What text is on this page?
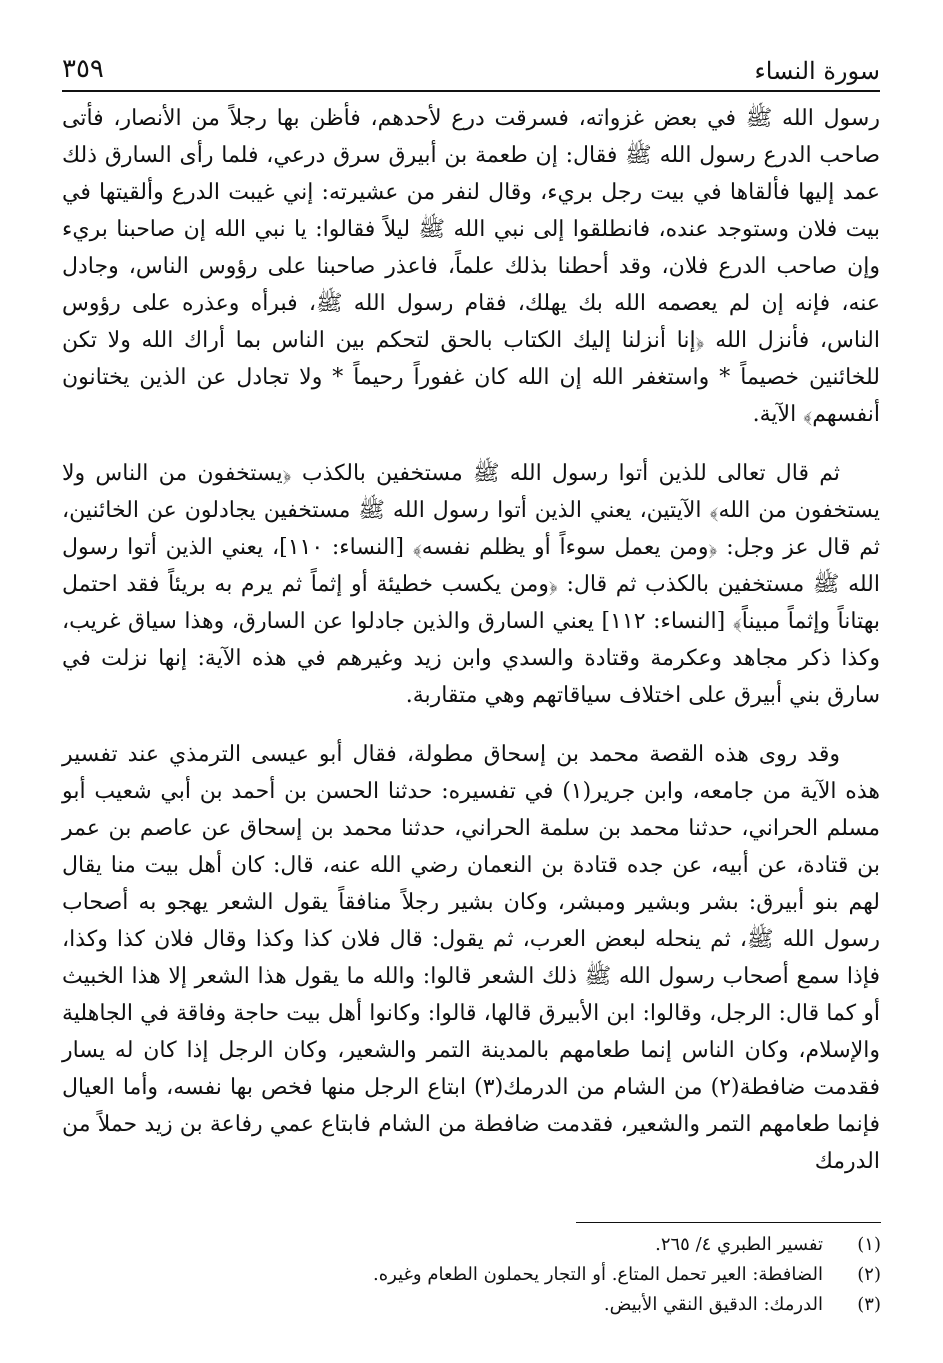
سورة النساء
٣٥٩

رسول الله ﷺ في بعض غزواته، فسرقت درع لأحدهم، فأظن بها رجلاً من الأنصار، فأتى صاحب الدرع رسول الله ﷺ فقال: إن طعمة بن أبيرق سرق درعي، فلما رأى السارق ذلك عمد إليها فألقاها في بيت رجل بريء، وقال لنفر من عشيرته: إني غيبت الدرع وألقيتها في بيت فلان وستوجد عنده، فانطلقوا إلى نبي الله ﷺ ليلاً فقالوا: يا نبي الله إن صاحبنا بريء وإن صاحب الدرع فلان، وقد أحطنا بذلك علماً، فاعذر صاحبنا على رؤوس الناس، وجادل عنه، فإنه إن لم يعصمه الله بك يهلك، فقام رسول الله ﷺ، فبرأه وعذره على رؤوس الناس، فأنزل الله ﴿إنا أنزلنا إليك الكتاب بالحق لتحكم بين الناس بما أراك الله ولا تكن للخائنين خصيماً * واستغفر الله إن الله كان غفوراً رحيماً * ولا تجادل عن الذين يختانون أنفسهم﴾ الآية.

ثم قال تعالى للذين أتوا رسول الله ﷺ مستخفين بالكذب ﴿يستخفون من الناس ولا يستخفون من الله﴾ الآيتين، يعني الذين أتوا رسول الله ﷺ مستخفين يجادلون عن الخائنين، ثم قال عز وجل: ﴿ومن يعمل سوءاً أو يظلم نفسه﴾ [النساء: ١١٠]، يعني الذين أتوا رسول الله ﷺ مستخفين بالكذب ثم قال: ﴿ومن يكسب خطيئة أو إثماً ثم يرم به بريئاً فقد احتمل بهتاناً وإثماً مبيناً﴾ [النساء: ١١٢] يعني السارق والذين جادلوا عن السارق، وهذا سياق غريب، وكذا ذكر مجاهد وعكرمة وقتادة والسدي وابن زيد وغيرهم في هذه الآية: إنها نزلت في سارق بني أبيرق على اختلاف سياقاتهم وهي متقاربة.

وقد روى هذه القصة محمد بن إسحاق مطولة، فقال أبو عيسى الترمذي عند تفسير هذه الآية من جامعه، وابن جرير(١) في تفسيره: حدثنا الحسن بن أحمد بن أبي شعيب أبو مسلم الحراني، حدثنا محمد بن سلمة الحراني، حدثنا محمد بن إسحاق عن عاصم بن عمر بن قتادة، عن أبيه، عن جده قتادة بن النعمان رضي الله عنه، قال: كان أهل بيت منا يقال لهم بنو أبيرق: بشر وبشير ومبشر، وكان بشير رجلاً منافقاً يقول الشعر يهجو به أصحاب رسول الله ﷺ، ثم ينحله لبعض العرب، ثم يقول: قال فلان كذا وكذا وقال فلان كذا وكذا، فإذا سمع أصحاب رسول الله ﷺ ذلك الشعر قالوا: والله ما يقول هذا الشعر إلا هذا الخبيث أو كما قال: الرجل، وقالوا: ابن الأبيرق قالها، قالوا: وكانوا أهل بيت حاجة وفاقة في الجاهلية والإسلام، وكان الناس إنما طعامهم بالمدينة التمر والشعير، وكان الرجل إذا كان له يسار فقدمت ضافطة(٢) من الشام من الدرمك(٣) ابتاع الرجل منها فخص بها نفسه، وأما العيال فإنما طعامهم التمر والشعير، فقدمت ضافطة من الشام فابتاع عمي رفاعة بن زيد حملاً من الدرمك

(١)
تفسير الطبري ٤/ ٢٦٥.
(٢)
الضافطة: العير تحمل المتاع. أو التجار يحملون الطعام وغيره.
(٣)
الدرمك: الدقيق النقي الأبيض.
